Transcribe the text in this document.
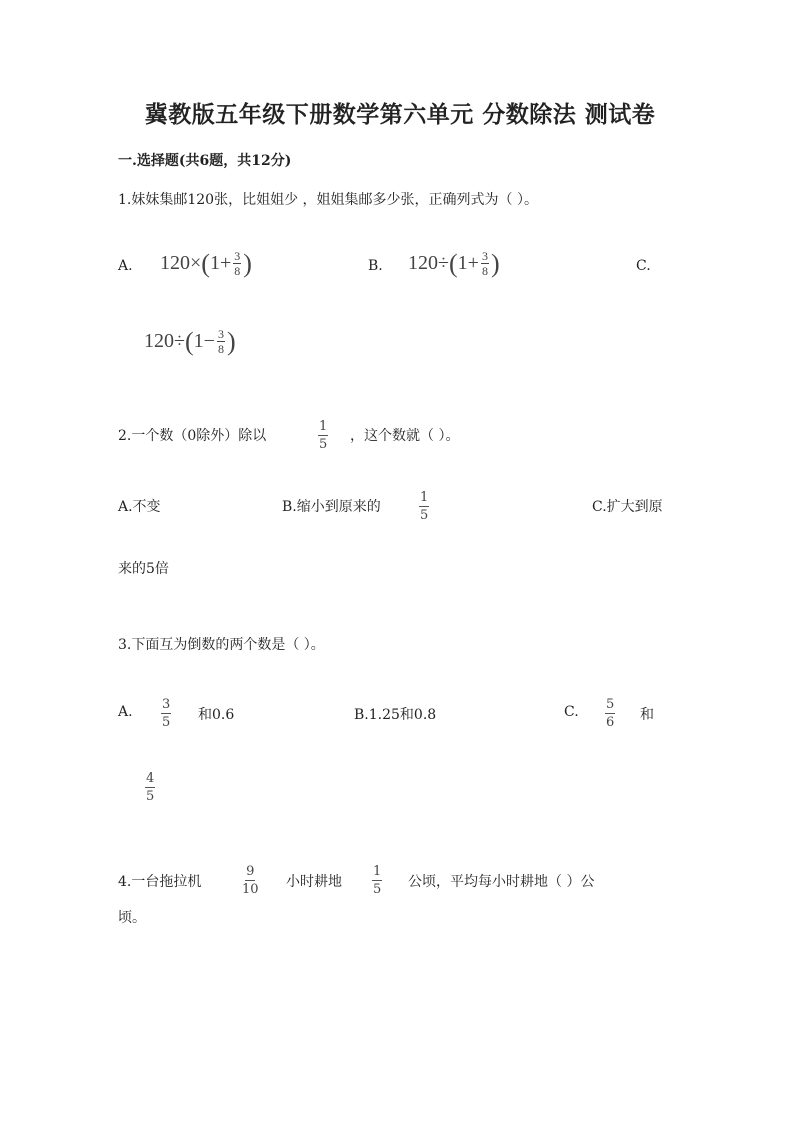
冀教版五年级下册数学第六单元 分数除法 测试卷
一.选择题(共6题，共12分)
1.妹妹集邮120张，比姐姐少 ，姐姐集邮多少张，正确列式为（ ）。
A. 120× ( $1+ \frac{3}{8}$ )	B. 120÷ ( $1+ \frac{3}{8}$ )	C.
120÷ ( $1- \frac{3}{8}$ )
2.一个数（0除外）除以	$\frac{1}{5}$ ，这个数就（ ）。
A.不变	B.缩小到原来的	$\frac{1}{5}$	C.扩大到原
来的5倍
3.下面互为倒数的两个数是（ ）。
A. $\frac{3}{5}$ 和0.6	B.1.25和0.8	C. $\frac{5}{6}$ 和
$\frac{4}{5}$
4.一台拖拉机	$\frac{9}{10}$ 小时耕地 $\frac{1}{5}$ 公顷，平均每小时耕地（ ）公
顷。
